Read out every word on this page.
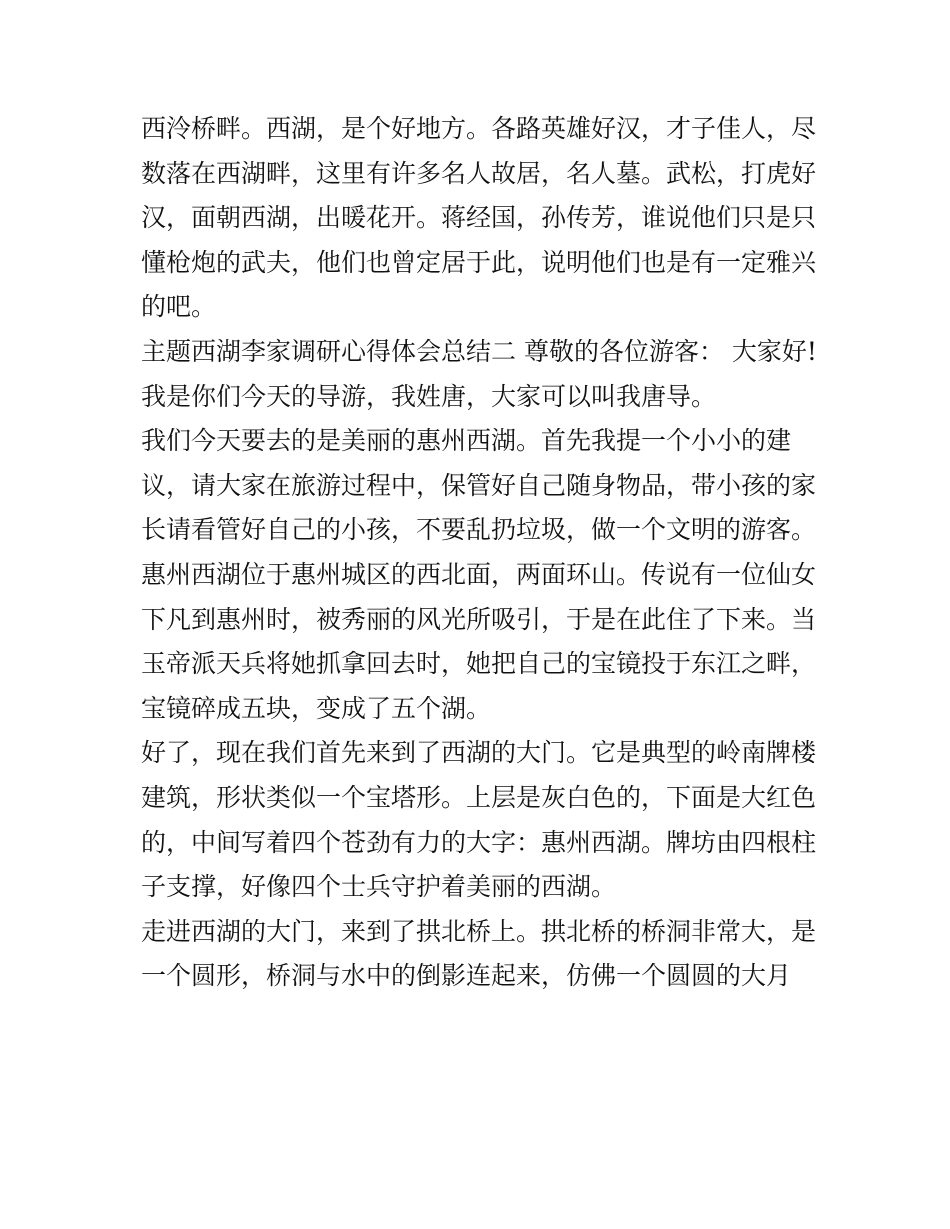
西泠桥畔。西湖，是个好地方。各路英雄好汉，才子佳人，尽
数落在西湖畔，这里有许多名人故居，名人墓。武松，打虎好
汉，面朝西湖，出暖花开。蒋经国，孙传芳，谁说他们只是只
懂枪炮的武夫，他们也曾定居于此，说明他们也是有一定雅兴
的吧。
主题西湖李家调研心得体会总结二 尊敬的各位游客： 大家好!
我是你们今天的导游，我姓唐，大家可以叫我唐导。
我们今天要去的是美丽的惠州西湖。首先我提一个小小的建
议，请大家在旅游过程中，保管好自己随身物品，带小孩的家
长请看管好自己的小孩，不要乱扔垃圾，做一个文明的游客。
惠州西湖位于惠州城区的西北面，两面环山。传说有一位仙女
下凡到惠州时，被秀丽的风光所吸引，于是在此住了下来。当
玉帝派天兵将她抓拿回去时，她把自己的宝镜投于东江之畔，
宝镜碎成五块，变成了五个湖。
好了，现在我们首先来到了西湖的大门。它是典型的岭南牌楼
建筑，形状类似一个宝塔形。上层是灰白色的，下面是大红色
的，中间写着四个苍劲有力的大字：惠州西湖。牌坊由四根柱
子支撑，好像四个士兵守护着美丽的西湖。
走进西湖的大门，来到了拱北桥上。拱北桥的桥洞非常大，是
一个圆形，桥洞与水中的倒影连起来，仿佛一个圆圆的大月
